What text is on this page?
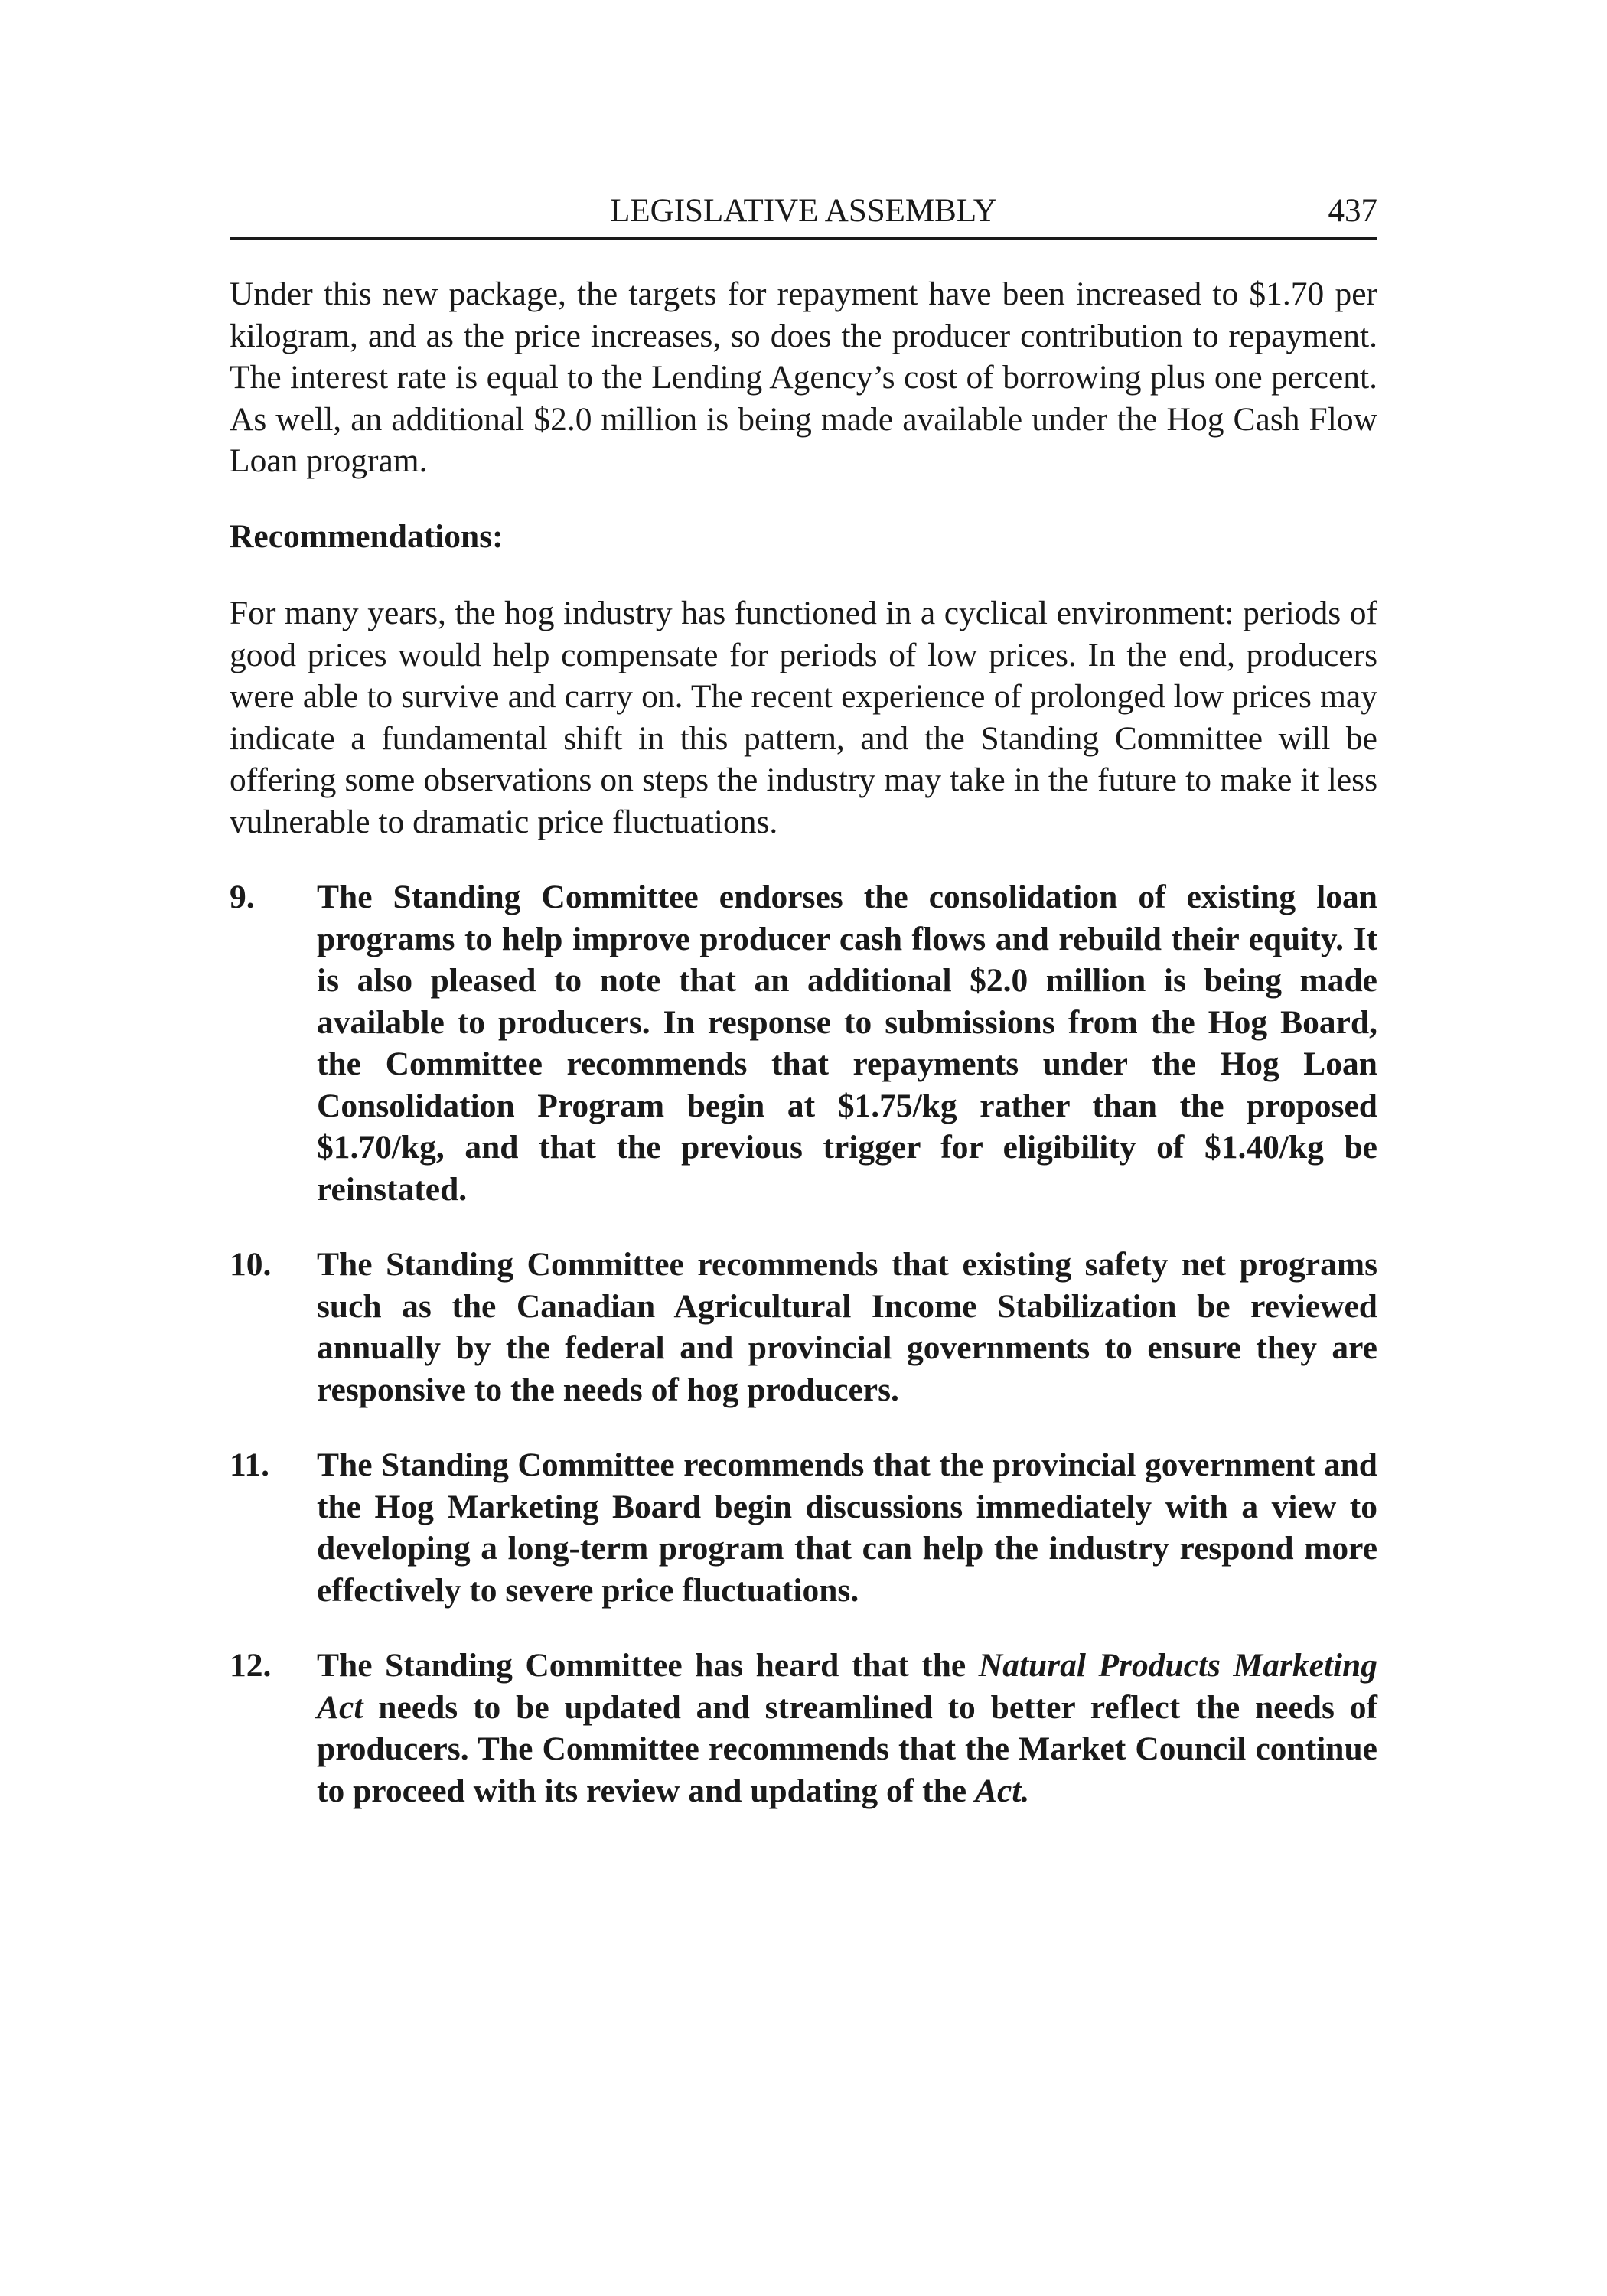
LEGISLATIVE ASSEMBLY	437

Under this new package, the targets for repayment have been increased to $1.70 per kilogram, and as the price increases, so does the producer contribution to repayment. The interest rate is equal to the Lending Agency’s cost of borrowing plus one percent. As well, an additional $2.0 million is being made available under the Hog Cash Flow Loan program.

Recommendations:

For many years, the hog industry has functioned in a cyclical environment: periods of good prices would help compensate for periods of low prices. In the end, producers were able to survive and carry on. The recent experience of prolonged low prices may indicate a fundamental shift in this pattern, and the Standing Committee will be offering some observations on steps the industry may take in the future to make it less vulnerable to dramatic price fluctuations.

9. The Standing Committee endorses the consolidation of existing loan programs to help improve producer cash flows and rebuild their equity. It is also pleased to note that an additional $2.0 million is being made available to producers. In response to submissions from the Hog Board, the Committee recommends that repayments under the Hog Loan Consolidation Program begin at $1.75/kg rather than the proposed $1.70/kg, and that the previous trigger for eligibility of $1.40/kg be reinstated.
10. The Standing Committee recommends that existing safety net programs such as the Canadian Agricultural Income Stabilization be reviewed annually by the federal and provincial governments to ensure they are responsive to the needs of hog producers.
11. The Standing Committee recommends that the provincial government and the Hog Marketing Board begin discussions immediately with a view to developing a long-term program that can help the industry respond more effectively to severe price fluctuations.
12. The Standing Committee has heard that the Natural Products Marketing Act needs to be updated and streamlined to better reflect the needs of producers. The Committee recommends that the Market Council continue to proceed with its review and updating of the Act.
